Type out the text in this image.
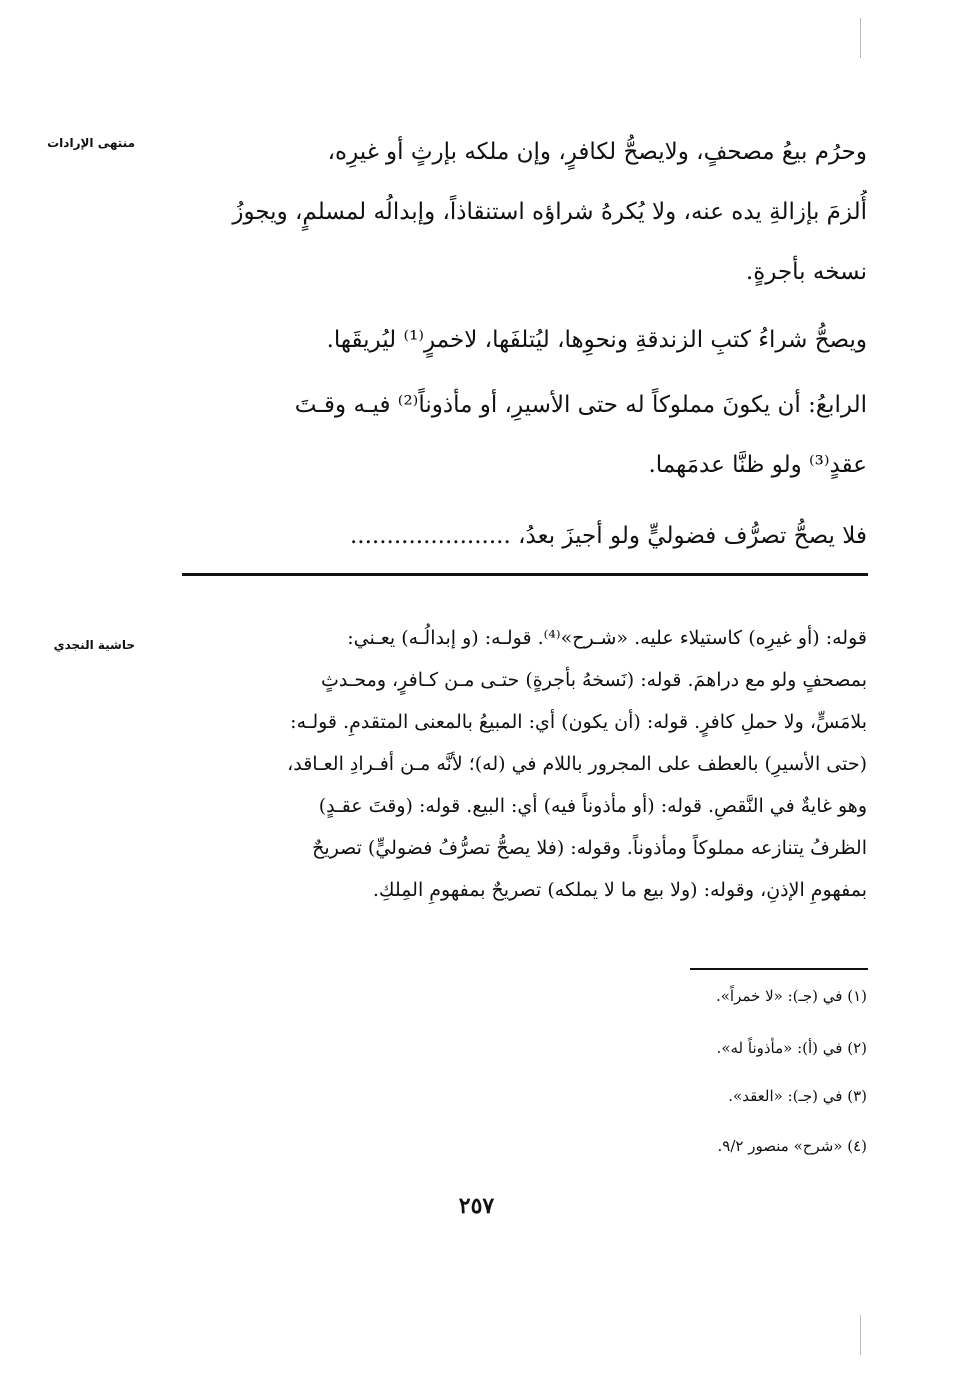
منتهى الإرادات	وحرُم بيعُ مصحفٍ، ولايصحُّ لكافرٍ، وإن ملكه بإرثٍ أو غيرِه،
أُلزمَ بإزالةِ يده عنه، ولا يُكرهُ شراؤه استنقاذاً، وإبدالُه لمسلمٍ، ويجوزُ
نسخه بأجرةٍ.
ويصحُّ شراءُ كتبِ الزندقةِ ونحوِها، ليُتلفَها، لاخمرٍ⁽¹⁾ ليُريقَها.
الرابعُ: أن يكونَ مملوكاً له حتى الأسيرِ، أو مأذوناً⁽²⁾ فيـه وقـتَ
عقدٍ⁽³⁾ ولو ظنَّا عدمَهما.
فلا يصحُّ تصرُّف فضوليٍّ ولو أجيزَ بعدُ، ......................
حاشية النجدي	قوله: (أو غيرِه) كاستيلاء عليه. «شـرح»⁽⁴⁾. قولـه: (و إبدالُـه) يعـني:
بمصحفٍ ولو مع دراهمَ. قوله: (نَسخهُ بأجرةٍ) حتـى مـن كـافرٍ، ومحـدثٍ
بلامَسٍّ، ولا حملِ كافرٍ. قوله: (أن يكون) أي: المبيعُ بالمعنى المتقدمِ. قولـه:
(حتى الأسيرِ) بالعطف على المجرور باللام في (له)؛ لأنَّه مـن أفـرادِ العـاقد،
وهو غايةٌ في النَّقصِ. قوله: (أو مأذوناً فيه) أي: البيع. قوله: (وقتَ عقـدٍ)
الظرفُ يتنازعه مملوكاً ومأذوناً. وقوله: (فلا يصحُّ تصرُّفُ فضوليٍّ) تصريحٌ
بمفهومِ الإذنِ، وقوله: (ولا بيع ما لا يملكه) تصريحٌ بمفهومِ المِلكِ.
(١) في (جـ): «لا خمراً».
(٢) في (أ): «مأذوناً له».
(٣) في (جـ): «العقد».
(٤) «شرح» منصور ٩/٢.
٢٥٧
